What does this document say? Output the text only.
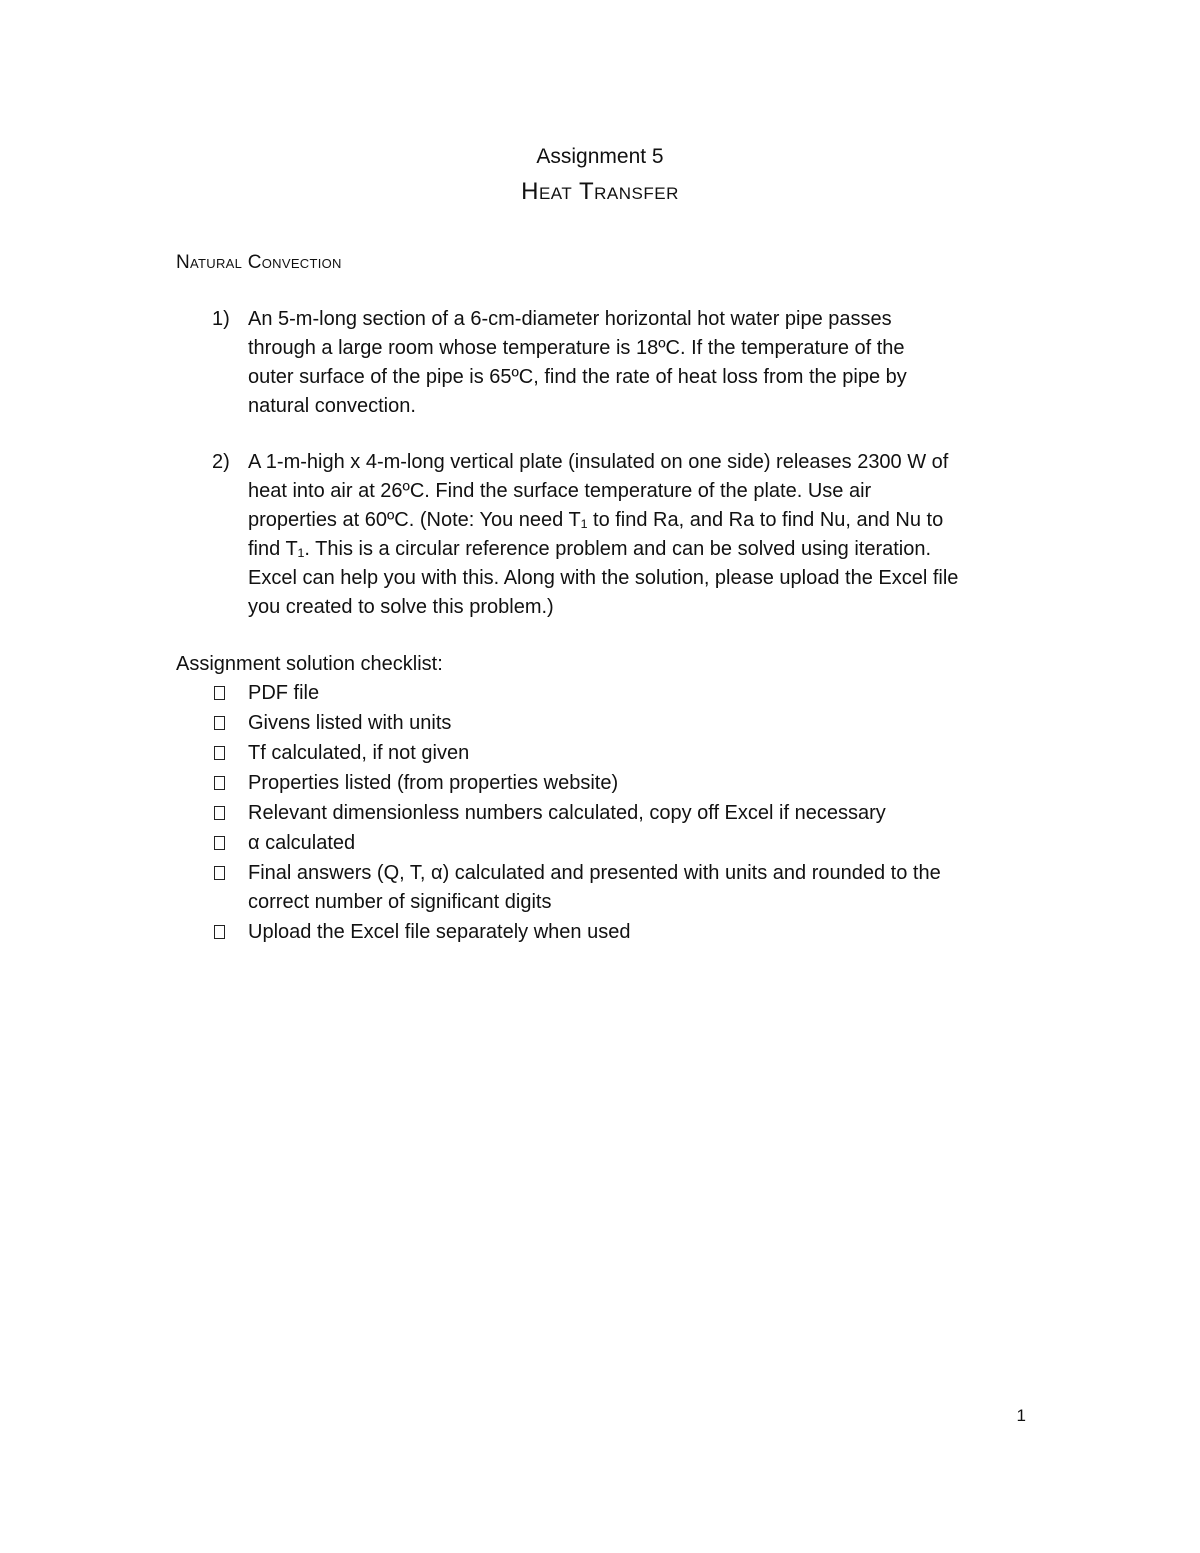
Assignment 5
Heat Transfer
Natural Convection
1) An 5-m-long section of a 6-cm-diameter horizontal hot water pipe passes
through a large room whose temperature is 18ºC. If the temperature of the
outer surface of the pipe is 65ºC, find the rate of heat loss from the pipe by
natural convection.
2) A 1-m-high x 4-m-long vertical plate (insulated on one side) releases 2300 W of
heat into air at 26ºC. Find the surface temperature of the plate. Use air
properties at 60ºC. (Note: You need T₁ to find Ra, and Ra to find Nu, and Nu to
find T₁. This is a circular reference problem and can be solved using iteration.
Excel can help you with this. Along with the solution, please upload the Excel file
you created to solve this problem.)
Assignment solution checklist:
PDF file
Givens listed with units
Tf calculated, if not given
Properties listed (from properties website)
Relevant dimensionless numbers calculated, copy off Excel if necessary
α calculated
Final answers (Q, T, α) calculated and presented with units and rounded to the
correct number of significant digits
Upload the Excel file separately when used
1
